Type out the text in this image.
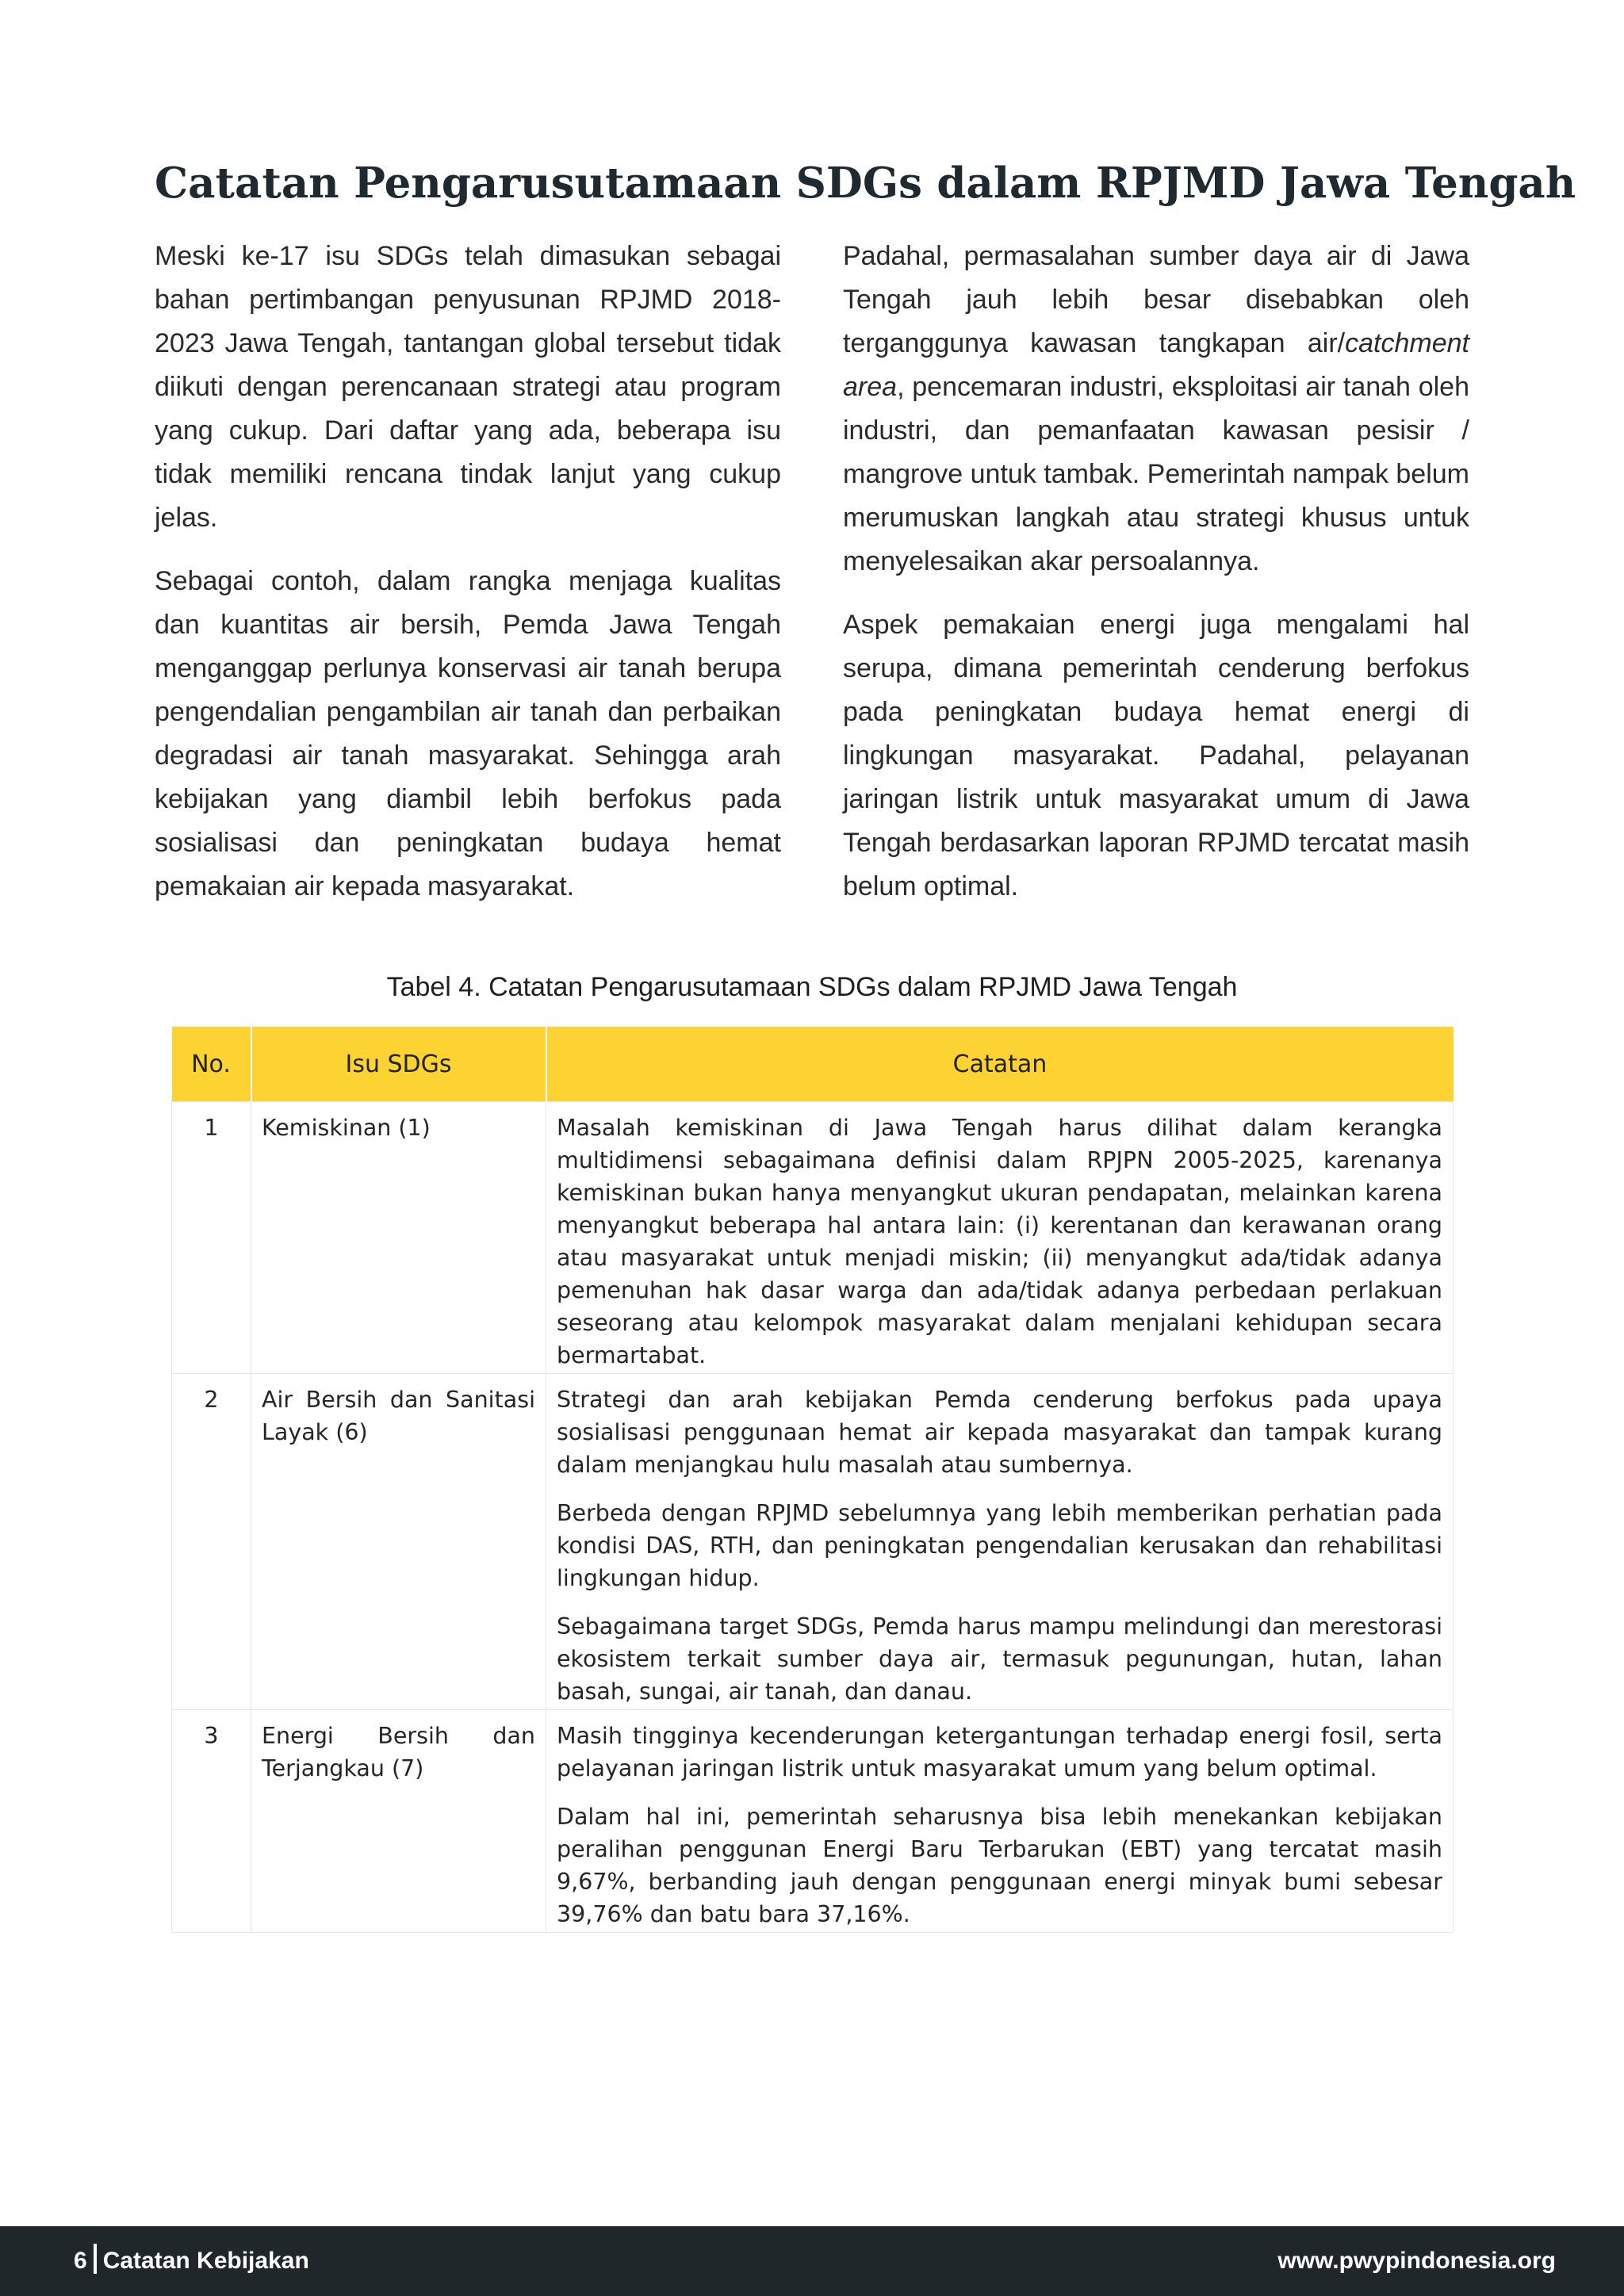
Catatan Pengarusutamaan SDGs dalam RPJMD Jawa Tengah

Meski ke-17 isu SDGs telah dimasukan sebagai bahan pertimbangan penyusunan RPJMD 2018-2023 Jawa Tengah, tantangan global tersebut tidak diikuti dengan perencanaan strategi atau program yang cukup. Dari daftar yang ada, beberapa isu tidak memiliki rencana tindak lanjut yang cukup jelas.

Sebagai contoh, dalam rangka menjaga kualitas dan kuantitas air bersih, Pemda Jawa Tengah menganggap perlunya konservasi air tanah berupa pengendalian pengambilan air tanah dan perbaikan degradasi air tanah masyarakat. Sehingga arah kebijakan yang diambil lebih berfokus pada sosialisasi dan peningkatan budaya hemat pemakaian air kepada masyarakat.

Padahal, permasalahan sumber daya air di Jawa Tengah jauh lebih besar disebabkan oleh terganggunya kawasan tangkapan air/catchment area, pencemaran industri, eksploitasi air tanah oleh industri, dan pemanfaatan kawasan pesisir / mangrove untuk tambak. Pemerintah nampak belum merumuskan langkah atau strategi khusus untuk menyelesaikan akar persoalannya.

Aspek pemakaian energi juga mengalami hal serupa, dimana pemerintah cenderung berfokus pada peningkatan budaya hemat energi di lingkungan masyarakat. Padahal, pelayanan jaringan listrik untuk masyarakat umum di Jawa Tengah berdasarkan laporan RPJMD tercatat masih belum optimal.

Tabel 4. Catatan Pengarusutamaan SDGs dalam RPJMD Jawa Tengah

No.	Isu SDGs	Catatan
1	Kemiskinan (1)	Masalah kemiskinan di Jawa Tengah harus dilihat dalam kerangka multidimensi sebagaimana definisi dalam RPJPN 2005-2025, karenanya kemiskinan bukan hanya menyangkut ukuran pendapatan, melainkan karena menyangkut beberapa hal antara lain: (i) kerentanan dan kerawanan orang atau masyarakat untuk menjadi miskin; (ii) menyangkut ada/tidak adanya pemenuhan hak dasar warga dan ada/tidak adanya perbedaan perlakuan seseorang atau kelompok masyarakat dalam menjalani kehidupan secara bermartabat.

2	Air Bersih dan Sanitasi Layak (6)	Strategi dan arah kebijakan Pemda cenderung berfokus pada upaya sosialisasi penggunaan hemat air kepada masyarakat dan tampak kurang dalam menjangkau hulu masalah atau sumbernya.

Berbeda dengan RPJMD sebelumnya yang lebih memberikan perhatian pada kondisi DAS, RTH, dan peningkatan pengendalian kerusakan dan rehabilitasi lingkungan hidup.

Sebagaimana target SDGs, Pemda harus mampu melindungi dan merestorasi ekosistem terkait sumber daya air, termasuk pegunungan, hutan, lahan basah, sungai, air tanah, dan danau.

3	Energi Bersih dan Terjangkau (7)	Masih tingginya kecenderungan ketergantungan terhadap energi fosil, serta pelayanan jaringan listrik untuk masyarakat umum yang belum optimal.

Dalam hal ini, pemerintah seharusnya bisa lebih menekankan kebijakan peralihan penggunan Energi Baru Terbarukan (EBT) yang tercatat masih 9,67%, berbanding jauh dengan penggunaan energi minyak bumi sebesar 39,76% dan batu bara 37,16%.

6 Catatan Kebijakan	www.pwypindonesia.org
